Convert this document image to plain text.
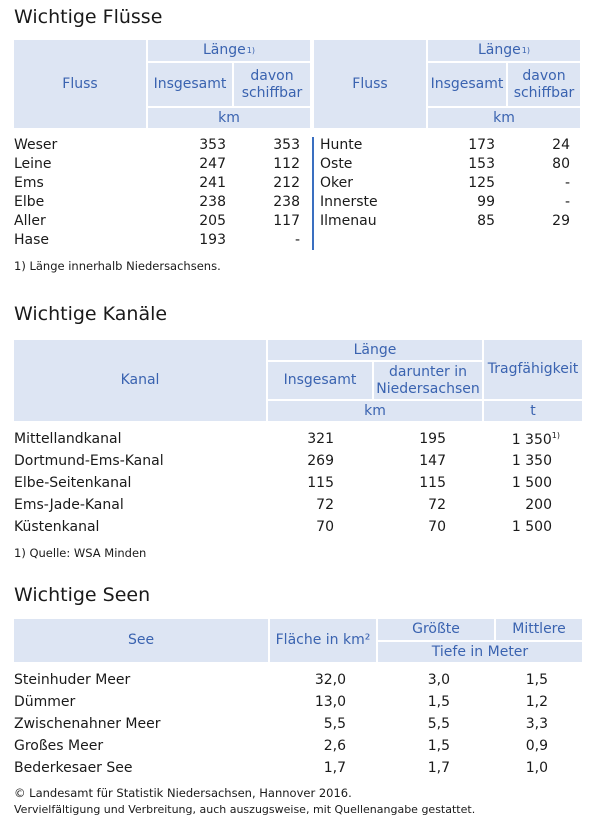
Wichtige Flüsse
Fluss
Länge 1)
Insgesamt
davon schiffbar
km
Fluss
Länge 1)
Insgesamt
davon schiffbar
km
Weser	353	353
Leine	247	112
Ems	241	212
Elbe	238	238
Aller	205	117
Hase	193	-
Hunte	173	24
Oste	153	80
Oker	125	-
Innerste	99	-
Ilmenau	85	29
1) Länge innerhalb Niedersachsens.
Wichtige Kanäle
Kanal
Länge
Insgesamt
darunter in Niedersachsen
km
Tragfähigkeit
t
Mittellandkanal	321	195	1 350$^{1)}$
Dortmund-Ems-Kanal	269	147	1 350
Elbe-Seitenkanal	115	115	1 500
Ems-Jade-Kanal	72	72	200
Küstenkanal	70	70	1 500
1) Quelle: WSA Minden
Wichtige Seen
See	Fläche in km²
Größte	Mittlere
Tiefe in Meter
Steinhuder Meer	32,0	3,0	1,5
Dümmer	13,0	1,5	1,2
Zwischenahner Meer	5,5	5,5	3,3
Großes Meer	2,6	1,5	0,9
Bederkesaer See	1,7	1,7	1,0
© Landesamt für Statistik Niedersachsen, Hannover 2016.
Vervielfältigung und Verbreitung, auch auszugsweise, mit Quellenangabe gestattet.
